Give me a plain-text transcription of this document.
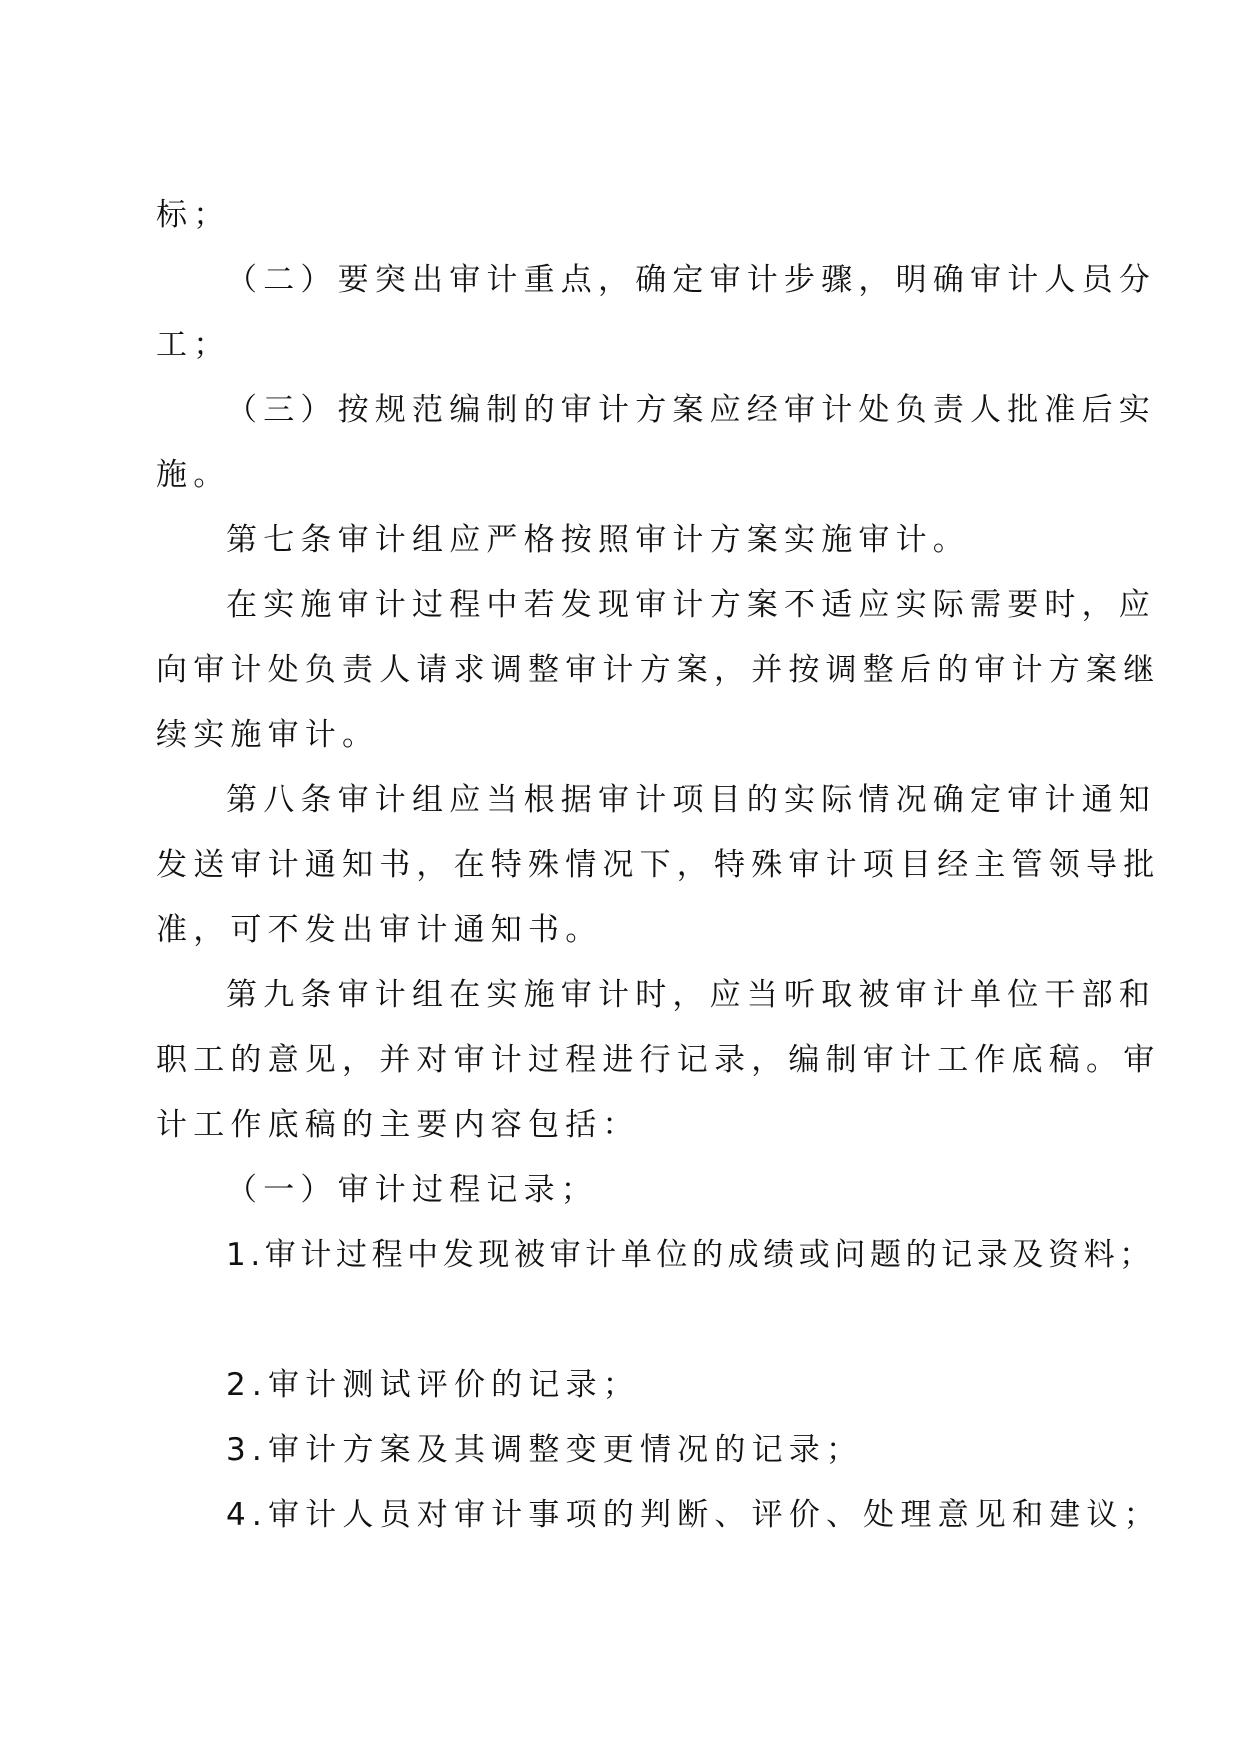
标；
（二）要突出审计重点，确定审计步骤，明确审计人员分
工；
（三）按规范编制的审计方案应经审计处负责人批准后实
施。
第七条审计组应严格按照审计方案实施审计。
在实施审计过程中若发现审计方案不适应实际需要时，应
向审计处负责人请求调整审计方案，并按调整后的审计方案继
续实施审计。
第八条审计组应当根据审计项目的实际情况确定审计通知
发送审计通知书，在特殊情况下，特殊审计项目经主管领导批
准，可不发出审计通知书。
第九条审计组在实施审计时，应当听取被审计单位干部和
职工的意见，并对审计过程进行记录，编制审计工作底稿。审
计工作底稿的主要内容包括：
（一）审计过程记录；
1.审计过程中发现被审计单位的成绩或问题的记录及资料；
2.审计测试评价的记录；
3.审计方案及其调整变更情况的记录；
4.审计人员对审计事项的判断、评价、处理意见和建议；
